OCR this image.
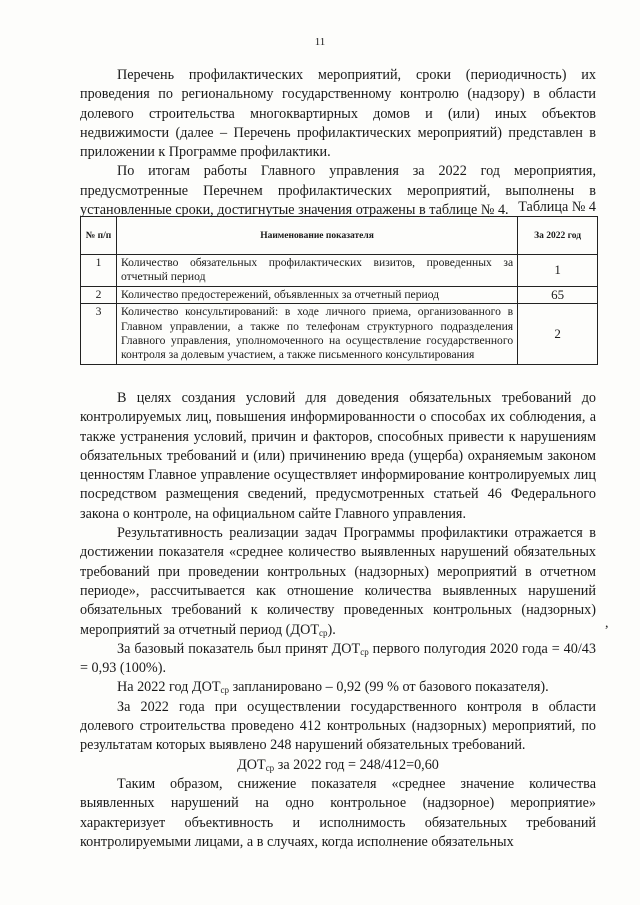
11

Перечень профилактических мероприятий, сроки (периодичность) их проведения по региональному государственному контролю (надзору) в области долевого строительства многоквартирных домов и (или) иных объектов недвижимости (далее – Перечень профилактических мероприятий) представлен в приложении к Программе профилактики.

По итогам работы Главного управления за 2022 год мероприятия, предусмотренные Перечнем профилактических мероприятий, выполнены в установленные сроки, достигнутые значения отражены в таблице № 4. Таблица № 4
№ п/п	Наименование показателя	За 2022 год
1	Количество обязательных профилактических визитов, проведенных за отчетный период	1
2	Количество предостережений, объявленных за отчетный период	65
3	Количество консультирований: в ходе личного приема, организованного в Главном управлении, а также по телефонам структурного подразделения Главного управления, уполномоченного на осуществление государственного контроля за долевым участием, а также письменного консультирования	2

В целях создания условий для доведения обязательных требований до контролируемых лиц, повышения информированности о способах их соблюдения, а также устранения условий, причин и факторов, способных привести к нарушениям обязательных требований и (или) причинению вреда (ущерба) охраняемым законом ценностям Главное управление осуществляет информирование контролируемых лиц посредством размещения сведений, предусмотренных статьей 46 Федерального закона о контроле, на официальном сайте Главного управления.

Результативность реализации задач Программы профилактики отражается в достижении показателя «среднее количество выявленных нарушений обязательных требований при проведении контрольных (надзорных) мероприятий в отчетном периоде», рассчитывается как отношение количества выявленных нарушений обязательных требований к количеству проведенных контрольных (надзорных) мероприятий за отчетный период $(ДОТ_{ср})$.

За базовый показатель был принят $ДОТ_{ср}$ первого полугодия 2020 года = 40/43 = 0,93 (100%).

На 2022 год $ДОТ_{ср}$ запланировано – 0,92 (99 % от базового показателя).

За 2022 года при осуществлении государственного контроля в области долевого строительства проведено 412 контрольных (надзорных) мероприятий, по результатам которых выявлено 248 нарушений обязательных требований.

$ДОТ_{ср}$ за 2022 год = 248/412=0,60

Таким образом, снижение показателя «среднее значение количества выявленных нарушений на одно контрольное (надзорное) мероприятие» характеризует объективность и исполнимость обязательных требований контролируемыми лицами, а в случаях, когда исполнение обязательных

,
